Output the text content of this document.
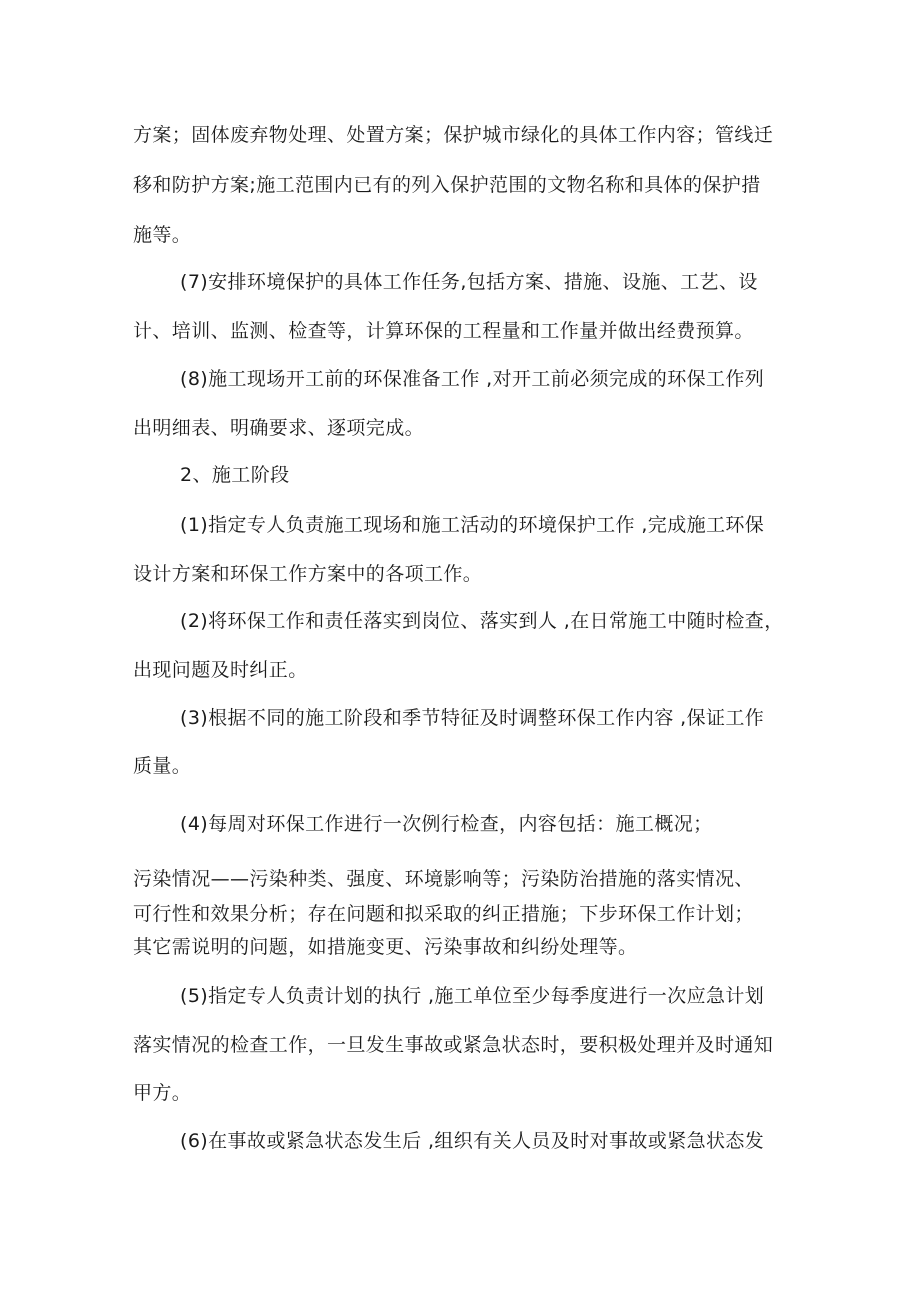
方案；固体废弃物处理、处置方案；保护城市绿化的具体工作内容；管线迁
移和防护方案;施工范围内已有的列入保护范围的文物名称和具体的保护措
施等。
(7)安排环境保护的具体工作任务,包括方案、措施、设施、工艺、设
计、培训、监测、检查等，计算环保的工程量和工作量并做出经费预算。
(8)施工现场开工前的环保准备工作 ,对开工前必须完成的环保工作列
出明细表、明确要求、逐项完成。
2、施工阶段
(1)指定专人负责施工现场和施工活动的环境保护工作 ,完成施工环保
设计方案和环保工作方案中的各项工作。
(2)将环保工作和责任落实到岗位、落实到人 ,在日常施工中随时检查，
出现问题及时纠正。
(3)根据不同的施工阶段和季节特征及时调整环保工作内容 ,保证工作
质量。
(4)每周对环保工作进行一次例行检查，内容包括：施工概况；
污染情况——污染种类、强度、环境影响等；污染防治措施的落实情况、
可行性和效果分析；存在问题和拟采取的纠正措施；下步环保工作计划；
其它需说明的问题，如措施变更、污染事故和纠纷处理等。
(5)指定专人负责计划的执行 ,施工单位至少每季度进行一次应急计划
落实情况的检查工作，一旦发生事故或紧急状态时，要积极处理并及时通知
甲方。
(6)在事故或紧急状态发生后 ,组织有关人员及时对事故或紧急状态发
